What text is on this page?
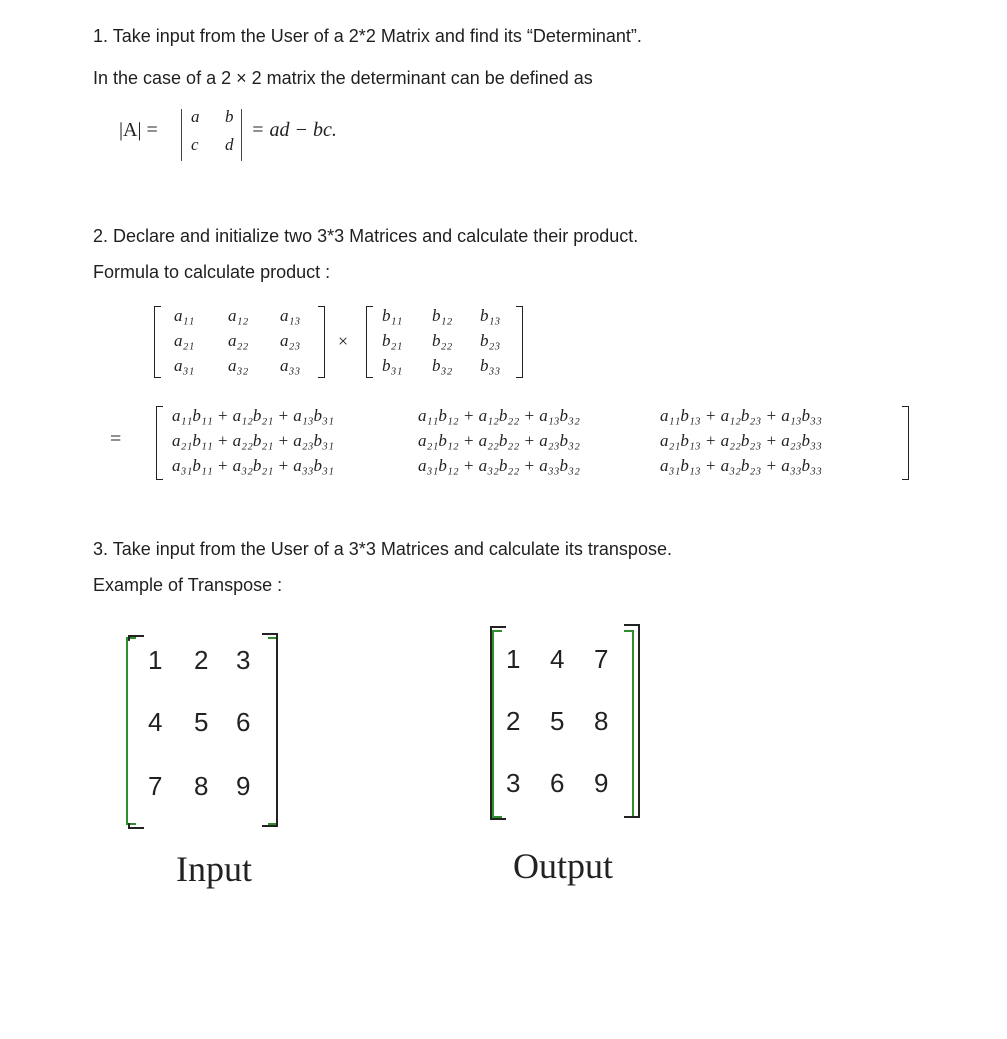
1. Take input from the User of a 2*2 Matrix and find its “Determinant”.
In the case of a 2 × 2 matrix the determinant can be defined as
|A| =
a b
c d
= ad − bc.
2. Declare and initialize two 3*3 Matrices and calculate their product.
Formula to calculate product :
a₁₁ a₁₂ a₁₃
a₂₁ a₂₂ a₂₃
a₃₁ a₃₂ a₃₃
×
b₁₁ b₁₂ b₁₃
b₂₁ b₂₂ b₂₃
b₃₁ b₃₂ b₃₃
=
a₁₁b₁₁ + a₁₂b₂₁ + a₁₃b₃₁	a₁₁b₁₂ + a₁₂b₂₂ + a₁₃b₃₂	a₁₁b₁₃ + a₁₂b₂₃ + a₁₃b₃₃
a₂₁b₁₁ + a₂₂b₂₁ + a₂₃b₃₁	a₂₁b₁₂ + a₂₂b₂₂ + a₂₃b₃₂	a₂₁b₁₃ + a₂₂b₂₃ + a₂₃b₃₃
a₃₁b₁₁ + a₃₂b₂₁ + a₃₃b₃₁	a₃₁b₁₂ + a₃₂b₂₂ + a₃₃b₃₂	a₃₁b₁₃ + a₃₂b₂₃ + a₃₃b₃₃
3. Take input from the User of a 3*3 Matrices and calculate its transpose.
Example of Transpose :
1 2 3
4 5 6
7 8 9
1 4 7
2 5 8
3 6 9
Input	Output
